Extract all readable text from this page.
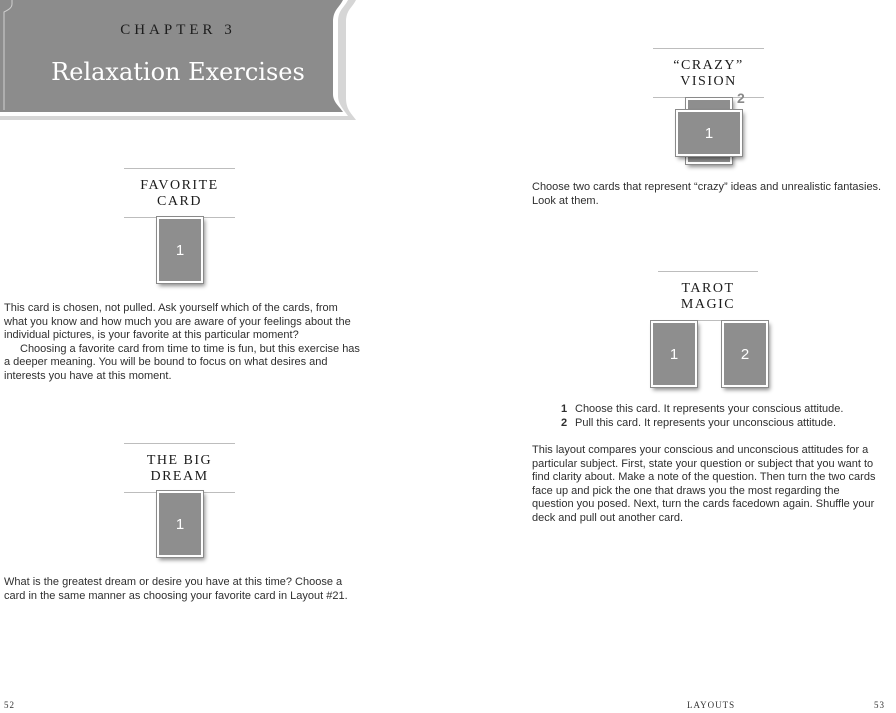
CHAPTER 3
Relaxation Exercises
FAVORITE CARD
1

This card is chosen, not pulled. Ask yourself which of the cards, from what you know and how much you are aware of your feelings about the individual pictures, is your favorite at this particular moment?

Choosing a favorite card from time to time is fun, but this exercise has a deeper meaning. You will be bound to focus on what desires and interests you have at this moment.

THE BIG DREAM
1

What is the greatest dream or desire you have at this time? Choose a card in the same manner as choosing your favorite card in Layout #21.

52
“CRAZY” VISION
2
1

Choose two cards that represent “crazy” ideas and unrealistic fantasies. Look at them.

TAROT MAGIC
1	2
1 Choose this card. It represents your conscious attitude.
2 Pull this card. It represents your unconscious attitude.

This layout compares your conscious and unconscious attitudes for a particular subject. First, state your question or subject that you want to find clarity about. Make a note of the question. Then turn the two cards face up and pick the one that draws you the most regarding the question you posed. Next, turn the cards facedown again. Shuffle your deck and pull out another card.

LAYOUTS	53
